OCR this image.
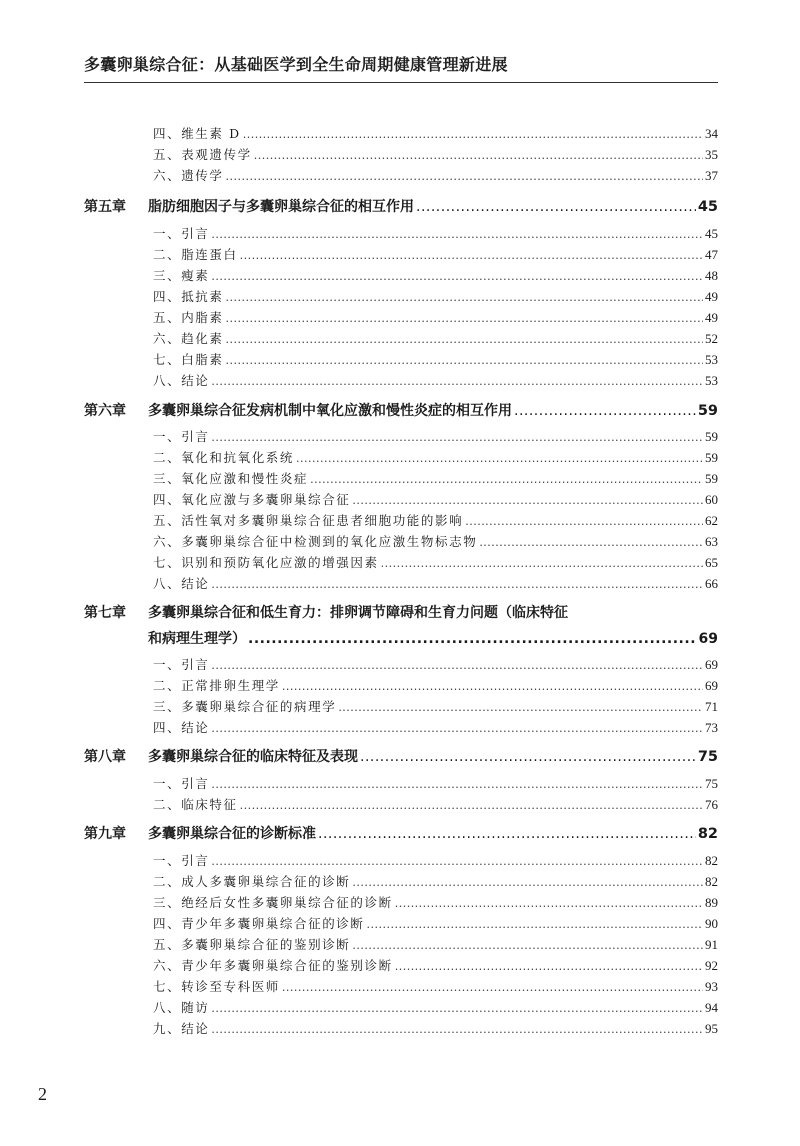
多囊卵巢综合征：从基础医学到全生命周期健康管理新进展
四、维生素 D .....	34
五、表观遗传学 .....	35
六、遗传学 .....	37
第五章	脂肪细胞因子与多囊卵巢综合征的相互作用 .....	45
一、引言 .....	45
二、脂连蛋白 .....	47
三、瘦素 .....	48
四、抵抗素 .....	49
五、内脂素 .....	49
六、趋化素 .....	52
七、白脂素 .....	53
八、结论 .....	53
第六章	多囊卵巢综合征发病机制中氧化应激和慢性炎症的相互作用 .....	59
一、引言 .....	59
二、氧化和抗氧化系统 .....	59
三、氧化应激和慢性炎症 .....	59
四、氧化应激与多囊卵巢综合征 .....	60
五、活性氧对多囊卵巢综合征患者细胞功能的影响 .....	62
六、多囊卵巢综合征中检测到的氧化应激生物标志物 .....	63
七、识别和预防氧化应激的增强因素 .....	65
八、结论 .....	66
第七章	多囊卵巢综合征和低生育力：排卵调节障碍和生育力问题（临床特征
和病理生理学） .....	69
一、引言 .....	69
二、正常排卵生理学 .....	69
三、多囊卵巢综合征的病理学 .....	71
四、结论 .....	73
第八章	多囊卵巢综合征的临床特征及表现 .....	75
一、引言 .....	75
二、临床特征 .....	76
第九章	多囊卵巢综合征的诊断标准 .....	82
一、引言 .....	82
二、成人多囊卵巢综合征的诊断 .....	82
三、绝经后女性多囊卵巢综合征的诊断 .....	89
四、青少年多囊卵巢综合征的诊断 .....	90
五、多囊卵巢综合征的鉴别诊断 .....	91
六、青少年多囊卵巢综合征的鉴别诊断 .....	92
七、转诊至专科医师 .....	93
八、随访 .....	94
九、结论 .....	95
2
